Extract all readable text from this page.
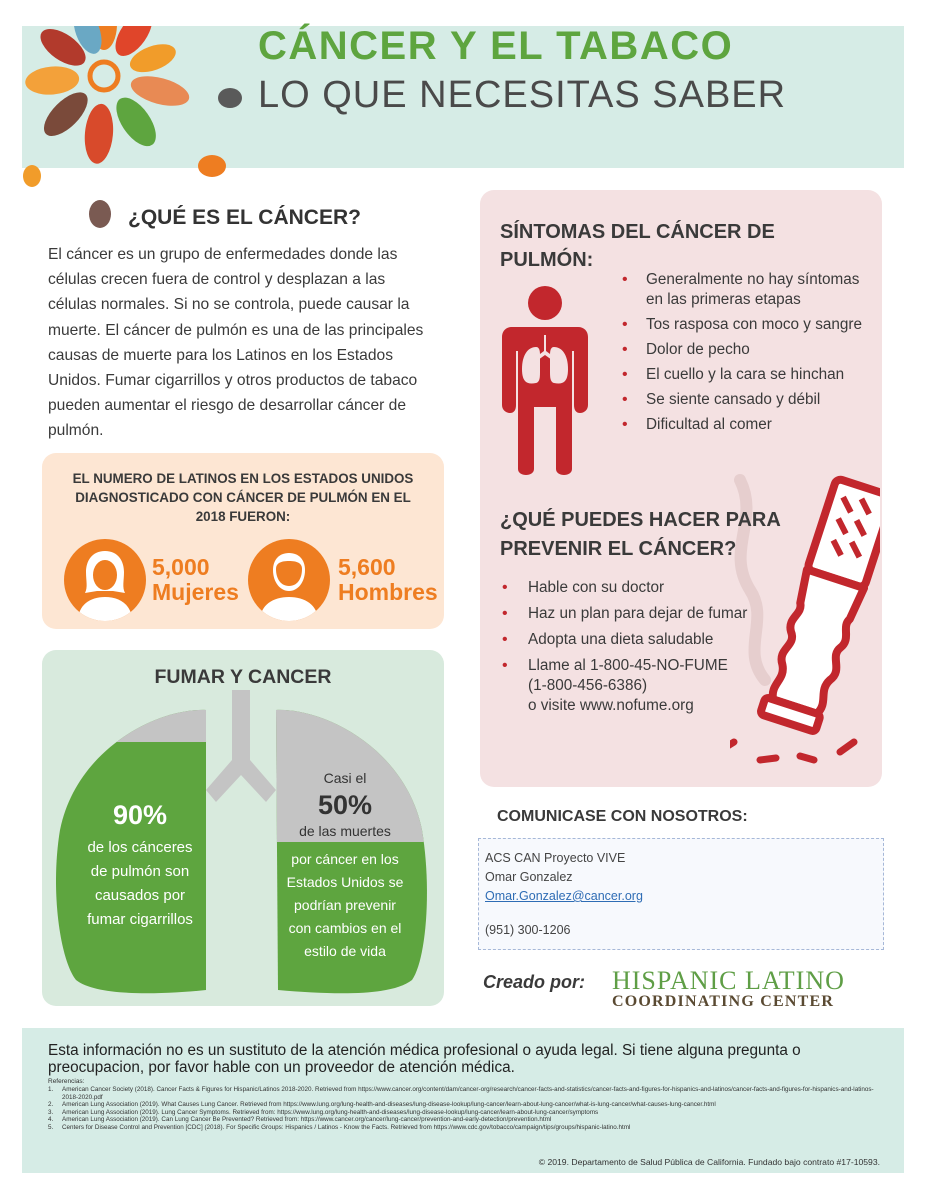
CÁNCER Y EL TABACO
LO QUE NECESITAS SABER
¿QUÉ ES EL CÁNCER?
El cáncer es un grupo de enfermedades donde las células crecen fuera de control y desplazan a las células normales. Si no se controla, puede causar la muerte. El cáncer de pulmón es una de las principales causas de muerte para los Latinos en los Estados Unidos. Fumar cigarrillos y otros productos de tabaco pueden aumentar el riesgo de desarrollar cáncer de pulmón.
EL NUMERO DE LATINOS EN LOS ESTADOS UNIDOS DIAGNOSTICADO CON CÁNCER DE PULMÓN EN EL 2018 FUERON:
5,000
Mujeres
5,600
Hombres
FUMAR Y CANCER
90%
de los cánceres
de pulmón son
causados por
fumar cigarrillos
Casi el
50%
de las muertes
por cáncer en los
Estados Unidos se
podrían prevenir
con cambios en el
estilo de vida
SÍNTOMAS DEL CÁNCER DE PULMÓN:
• Generalmente no hay síntomas en las primeras etapas
• Tos rasposa con moco y sangre
• Dolor de pecho
• El cuello y la cara se hinchan
• Se siente cansado y débil
• Dificultad al comer
¿QUÉ PUEDES HACER PARA PREVENIR EL CÁNCER?
• Hable con su doctor
• Haz un plan para dejar de fumar
• Adopta una dieta saludable
• Llame al 1-800-45-NO-FUME
(1-800-456-6386)
o visite www.nofume.org
COMUNICASE CON NOSOTROS:
ACS CAN Proyecto VIVE
Omar Gonzalez
Omar.Gonzalez@cancer.org
(951) 300-1206
Creado por: HISPANIC LATINO
COORDINATING CENTER
Esta información no es un sustituto de la atención médica profesional o ayuda legal. Si tiene alguna pregunta o preocupacion, por favor hable con un proveedor de atención médica.
Referencias:
1. American Cancer Society (2018). Cancer Facts & Figures for Hispanic/Latinos 2018-2020. Retrieved from https://www.cancer.org/content/dam/cancer-org/research/cancer-facts-and-statistics/cancer-facts-and-figures-for-hispanics-and-latinos/cancer-facts-and-figures-for-hispanics-and-latinos-2018-2020.pdf
2. American Lung Association (2019). What Causes Lung Cancer. Retrieved from https://www.lung.org/lung-health-and-diseases/lung-disease-lookup/lung-cancer/learn-about-lung-cancer/what-is-lung-cancer/what-causes-lung-cancer.html
3. American Lung Association (2019). Lung Cancer Symptoms. Retrieved from: https://www.lung.org/lung-health-and-diseases/lung-disease-lookup/lung-cancer/learn-about-lung-cancer/symptoms
4. American Lung Association (2019). Can Lung Cancer Be Prevented? Retrieved from: https://www.cancer.org/cancer/lung-cancer/prevention-and-early-detection/prevention.html
5. Centers for Disease Control and Prevention [CDC] (2018). For Specific Groups: Hispanics / Latinos - Know the Facts. Retrieved from https://www.cdc.gov/tobacco/campaign/tips/groups/hispanic-latino.html
© 2019. Departamento de Salud Pública de California. Fundado bajo contrato #17-10593.
